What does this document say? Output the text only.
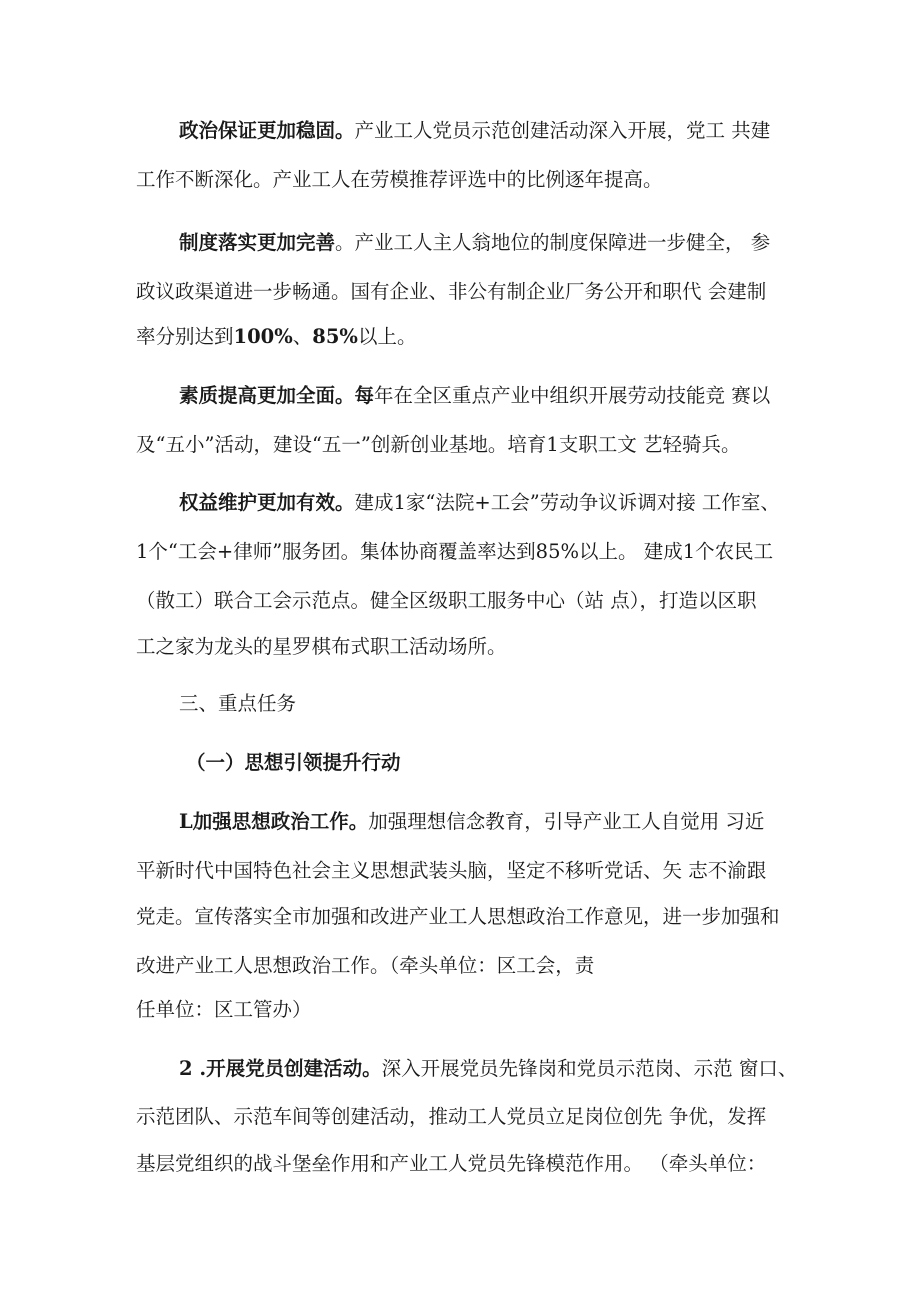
政治保证更加稳固。产业工人党员示范创建活动深入开展，党工 共建
工作不断深化。产业工人在劳模推荐评选中的比例逐年提高。
制度落实更加完善。产业工人主人翁地位的制度保障进一步健全， 参
政议政渠道进一步畅通。国有企业、非公有制企业厂务公开和职代 会建制
率分别达到100%、85%以上。
素质提高更加全面。每年在全区重点产业中组织开展劳动技能竞 赛以
及“五小”活动，建设“五一”创新创业基地。培育1支职工文 艺轻骑兵。
权益维护更加有效。建成1家“法院+工会”劳动争议诉调对接 工作室、
1个“工会+律师”服务团。集体协商覆盖率达到85%以上。 建成1个农民工
（散工）联合工会示范点。健全区级职工服务中心（站 点），打造以区职
工之家为龙头的星罗棋布式职工活动场所。
三、重点任务
（一）思想引领提升行动
L加强思想政治工作。加强理想信念教育，引导产业工人自觉用 习近
平新时代中国特色社会主义思想武装头脑，坚定不移听党话、矢 志不渝跟
党走。宣传落实全市加强和改进产业工人思想政治工作意见，进一步加强和
改进产业工人思想政治工作。（牵头单位：区工会，责
任单位：区工管办）
2 .开展党员创建活动。深入开展党员先锋岗和党员示范岗、示范 窗口、
示范团队、示范车间等创建活动，推动工人党员立足岗位创先 争优，发挥
基层党组织的战斗堡垒作用和产业工人党员先锋模范作用。 （牵头单位：
